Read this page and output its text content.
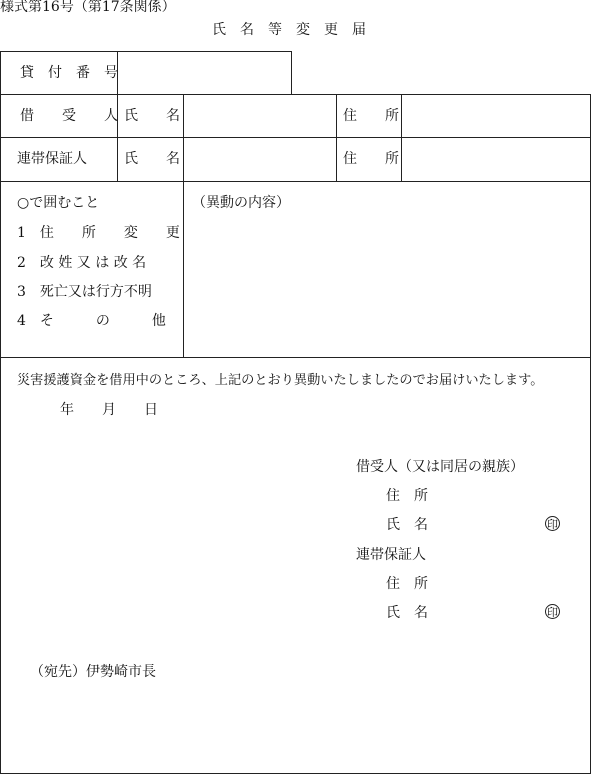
様式第16号（第17条関係）
氏　名　等　変　更　届
貸　付　番　号
借　　受　　人 氏　　名	住　　所
連帯保証人	氏　　名	住　　所
○で囲むこと
1　住　　所　　変　　更
2　改 姓 又 は 改 名
3　死亡又は行方不明
4　そ　　　の　　　他
（異動の内容）
災害援護資金を借用中のところ、上記のとおり異動いたしましたのでお届けいたします。
年　　月　　日
借受人（又は同居の親族）
住　所
氏　名	印
連帯保証人
住　所
氏　名	印
（宛先）伊勢崎市長
